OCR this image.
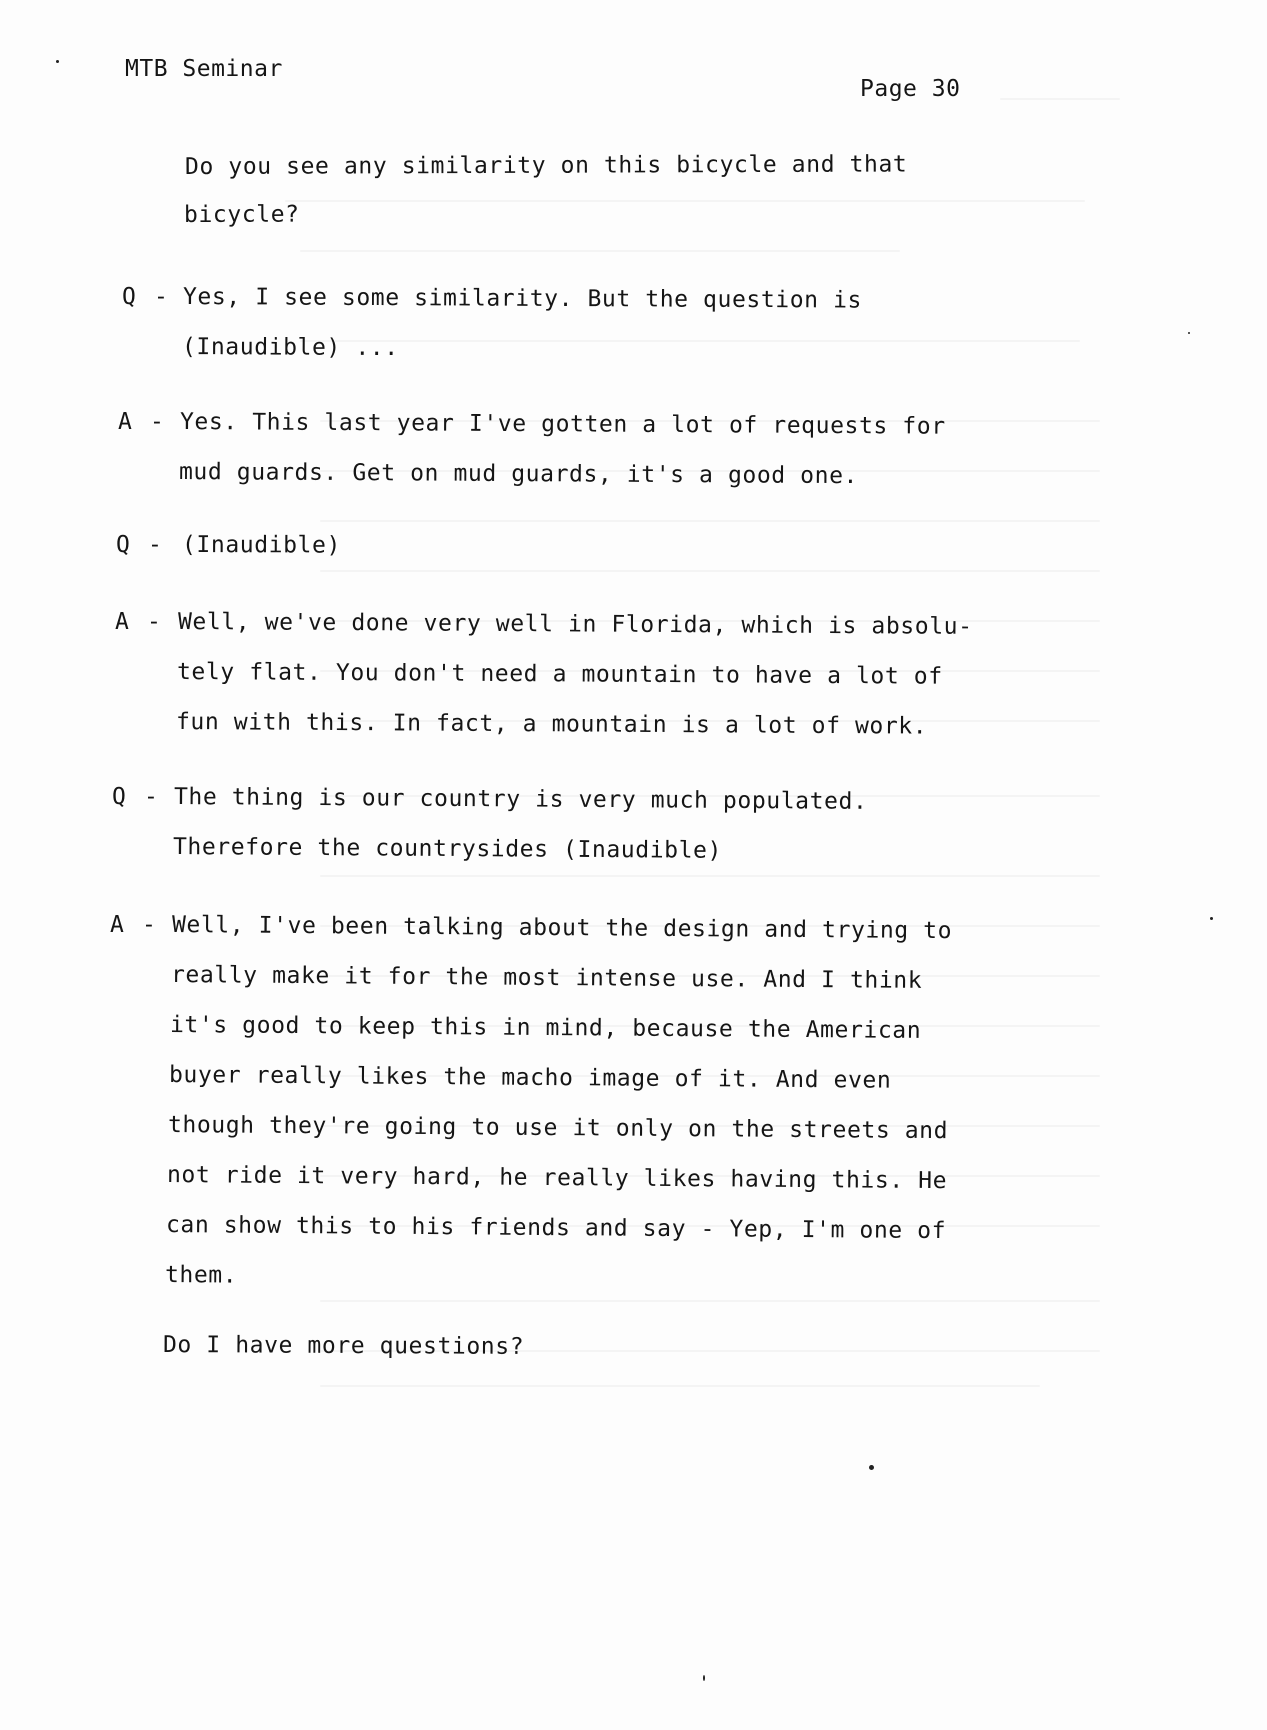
MTB Seminar
Page 30
Do you see any similarity on this bicycle and that
bicycle?
Q - Yes, I see some similarity. But the question is
(Inaudible) ...
A - Yes. This last year I've gotten a lot of requests for
mud guards. Get on mud guards, it's a good one.
Q - (Inaudible)
A - Well, we've done very well in Florida, which is absolu-
tely flat. You don't need a mountain to have a lot of
fun with this. In fact, a mountain is a lot of work.
Q - The thing is our country is very much populated.
Therefore the countrysides (Inaudible)
A - Well, I've been talking about the design and trying to
really make it for the most intense use. And I think
it's good to keep this in mind, because the American
buyer really likes the macho image of it. And even
though they're going to use it only on the streets and
not ride it very hard, he really likes having this. He
can show this to his friends and say - Yep, I'm one of
them.
Do I have more questions?
